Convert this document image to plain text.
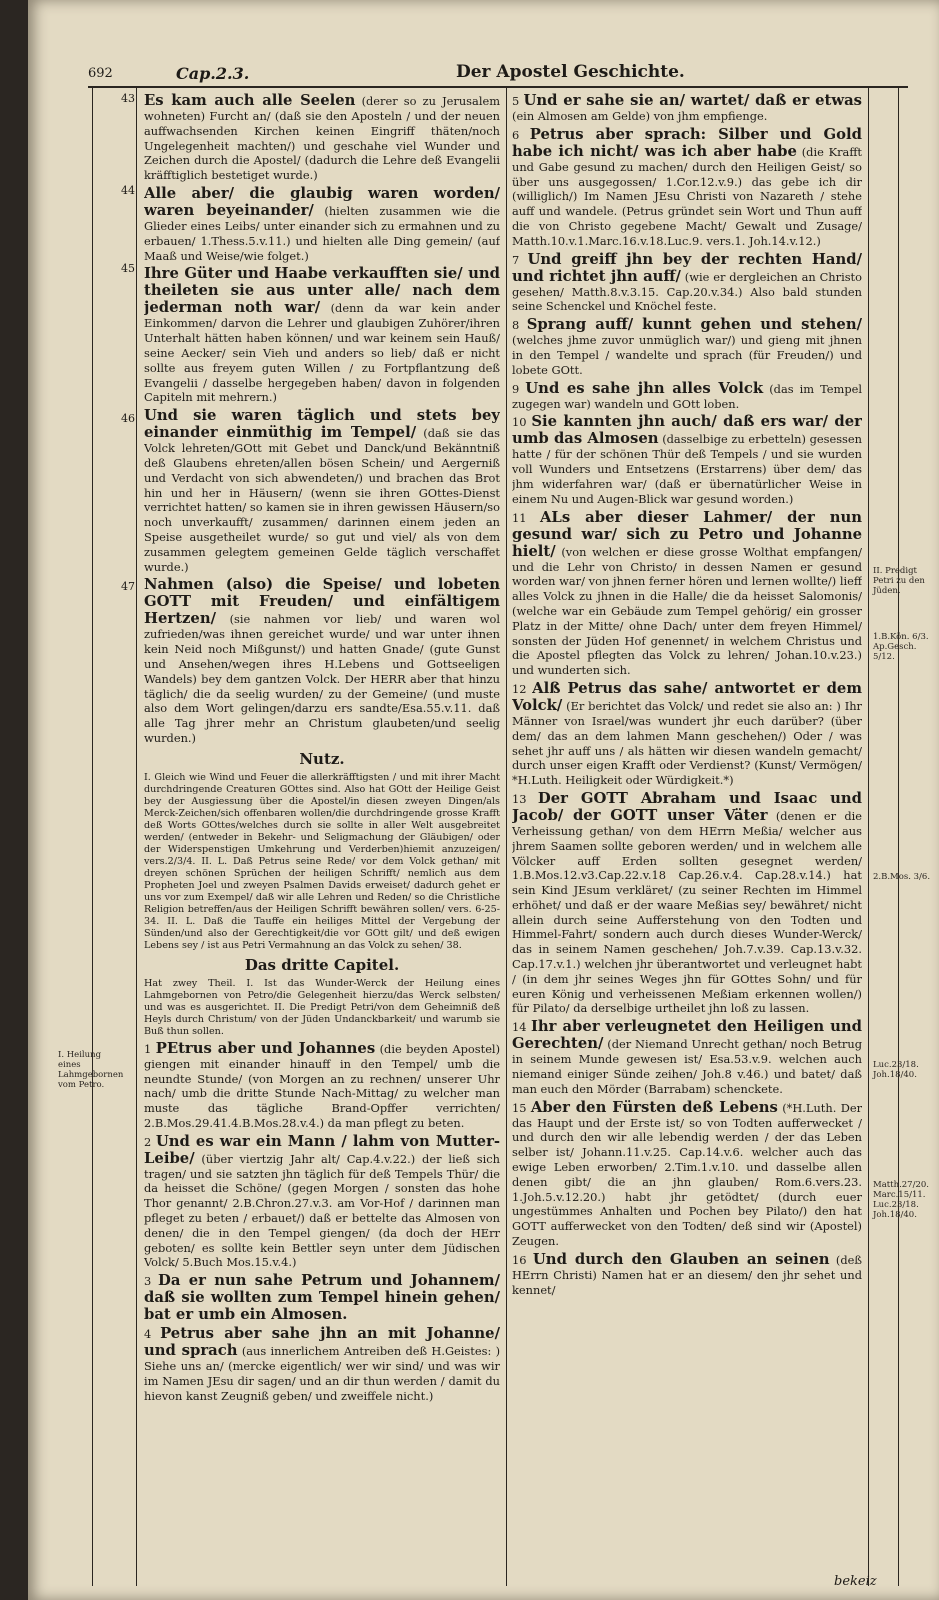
692	Cap.2.3.	Der Apostel Geschichte.
43
44
45
46
47
I. Heilung eines Lahmgebornen vom Petro.

Es kam auch alle Seelen (derer so zu Jerusalem wohneten) Furcht an/ (daß sie den Aposteln / und der neuen auffwachsenden Kirchen keinen Eingriff thäten/noch Ungelegenheit machten/) und geschahe viel Wunder und Zeichen durch die Apostel/ (dadurch die Lehre deß Evangelii kräfftiglich bestetiget wurde.)

Alle aber/ die glaubig waren worden/ waren beyeinander/ (hielten zusammen wie die Glieder eines Leibs/ unter einander sich zu ermahnen und zu erbauen/ 1.Thess.5.v.11.) und hielten alle Ding gemein/ (auf Maaß und Weise/wie folget.)

Ihre Güter und Haabe verkaufften sie/ und theileten sie aus unter alle/ nach dem jederman noth war/ (denn da war kein ander Einkommen/ darvon die Lehrer und glaubigen Zuhörer/ihren Unterhalt hätten haben können/ und war keinem sein Hauß/ seine Aecker/ sein Vieh und anders so lieb/ daß er nicht sollte aus freyem guten Willen / zu Fortpflantzung deß Evangelii / dasselbe hergegeben haben/ davon in folgenden Capiteln mit mehrern.)

Und sie waren täglich und stets bey einander einmüthig im Tempel/ (daß sie das Volck lehreten/GOtt mit Gebet und Danck/und Bekänntniß deß Glaubens ehreten/allen bösen Schein/ und Aergerniß und Verdacht von sich abwendeten/) und brachen das Brot hin und her in Häusern/ (wenn sie ihren GOttes-Dienst verrichtet hatten/ so kamen sie in ihren gewissen Häusern/so noch unverkaufft/ zusammen/ darinnen einem jeden an Speise ausgetheilet wurde/ so gut und viel/ als von dem zusammen gelegtem gemeinen Gelde täglich verschaffet wurde.)

Nahmen (also) die Speise/ und lobeten GOTT mit Freuden/ und einfältigem Hertzen/ (sie nahmen vor lieb/ und waren wol zufrieden/was ihnen gereichet wurde/ und war unter ihnen kein Neid noch Mißgunst/) und hatten Gnade/ (gute Gunst und Ansehen/wegen ihres H.Lebens und Gottseeligen Wandels) bey dem gantzen Volck. Der HERR aber that hinzu täglich/ die da seelig wurden/ zu der Gemeine/ (und muste also dem Wort gelingen/darzu ers sandte/Esa.55.v.11. daß alle Tag jhrer mehr an Christum glaubeten/und seelig wurden.)

Nutz.

I. Gleich wie Wind und Feuer die allerkräfftigsten / und mit ihrer Macht durchdringende Creaturen GOttes sind. Also hat GOtt der Heilige Geist bey der Ausgiessung über die Apostel/in diesen zweyen Dingen/als Merck-Zeichen/sich offenbaren wollen/die durchdringende grosse Krafft deß Worts GOttes/welches durch sie sollte in aller Welt ausgebreitet werden/ (entweder in Bekehr- und Seligmachung der Gläubigen/ oder der Widerspenstigen Umkehrung und Verderben)hiemit anzuzeigen/ vers.2/3/4. II. L. Daß Petrus seine Rede/ vor dem Volck gethan/ mit dreyen schönen Sprüchen der heiligen Schrifft/ nemlich aus dem Propheten Joel und zweyen Psalmen Davids erweiset/ dadurch gehet er uns vor zum Exempel/ daß wir alle Lehren und Reden/ so die Christliche Religion betreffen/aus der Heiligen Schrifft bewähren sollen/ vers. 6-25-34. II. L. Daß die Tauffe ein heiliges Mittel der Vergebung der Sünden/und also der Gerechtigkeit/die vor GOtt gilt/ und deß ewigen Lebens sey / ist aus Petri Vermahnung an das Volck zu sehen/ 38.

Das dritte Capitel.

Hat zwey Theil. I. Ist das Wunder-Werck der Heilung eines Lahmgebornen von Petro/die Gelegenheit hierzu/das Werck selbsten/ und was es ausgerichtet. II. Die Predigt Petri/von dem Geheimniß deß Heyls durch Christum/ von der Jüden Undanckbarkeit/ und warumb sie Buß thun sollen.

1 PEtrus aber und Johannes (die beyden Apostel) giengen mit einander hinauff in den Tempel/ umb die neundte Stunde/ (von Morgen an zu rechnen/ unserer Uhr nach/ umb die dritte Stunde Nach-Mittag/ zu welcher man muste das tägliche Brand-Opffer verrichten/ 2.B.Mos.29.41.4.B.Mos.28.v.4.) da man pflegt zu beten.

2 Und es war ein Mann / lahm von Mutter-Leibe/ (über viertzig Jahr alt/ Cap.4.v.22.) der ließ sich tragen/ und sie satzten jhn täglich für deß Tempels Thür/ die da heisset die Schöne/ (gegen Morgen / sonsten das hohe Thor genannt/ 2.B.Chron.27.v.3. am Vor-Hof / darinnen man pfleget zu beten / erbauet/) daß er bettelte das Almosen von denen/ die in den Tempel giengen/ (da doch der HErr geboten/ es sollte kein Bettler seyn unter dem Jüdischen Volck/ 5.Buch Mos.15.v.4.)

3 Da er nun sahe Petrum und Johannem/ daß sie wollten zum Tempel hinein gehen/ bat er umb ein Almosen.

4 Petrus aber sahe jhn an mit Johanne/ und sprach (aus innerlichem Antreiben deß H.Geistes: ) Siehe uns an/ (mercke eigentlich/ wer wir sind/ und was wir im Namen JEsu dir sagen/ und an dir thun werden / damit du hievon kanst Zeugniß geben/ und zweiffele nicht.)

5 Und er sahe sie an/ wartet/ daß er etwas (ein Almosen am Gelde) von jhm empfienge.

6 Petrus aber sprach: Silber und Gold habe ich nicht/ was ich aber habe (die Krafft und Gabe gesund zu machen/ durch den Heiligen Geist/ so über uns ausgegossen/ 1.Cor.12.v.9.) das gebe ich dir (williglich/) Im Namen JEsu Christi von Nazareth / stehe auff und wandele. (Petrus gründet sein Wort und Thun auff die von Christo gegebene Macht/ Gewalt und Zusage/ Matth.10.v.1.Marc.16.v.18.Luc.9. vers.1. Joh.14.v.12.)

7 Und greiff jhn bey der rechten Hand/ und richtet jhn auff/ (wie er dergleichen an Christo gesehen/ Matth.8.v.3.15. Cap.20.v.34.) Also bald stunden seine Schenckel und Knöchel feste.

8 Sprang auff/ kunnt gehen und stehen/ (welches jhme zuvor unmüglich war/) und gieng mit jhnen in den Tempel / wandelte und sprach (für Freuden/) und lobete GOtt.

9 Und es sahe jhn alles Volck (das im Tempel zugegen war) wandeln und GOtt loben.

10 Sie kannten jhn auch/ daß ers war/ der umb das Almosen (dasselbige zu erbetteln) gesessen hatte / für der schönen Thür deß Tempels / und sie wurden voll Wunders und Entsetzens (Erstarrens) über dem/ das jhm widerfahren war/ (daß er übernatürlicher Weise in einem Nu und Augen-Blick war gesund worden.)

11 ALs aber dieser Lahmer/ der nun gesund war/ sich zu Petro und Johanne hielt/ (von welchen er diese grosse Wolthat empfangen/ und die Lehr von Christo/ in dessen Namen er gesund worden war/ von jhnen ferner hören und lernen wollte/) lieff alles Volck zu jhnen in die Halle/ die da heisset Salomonis/ (welche war ein Gebäude zum Tempel gehörig/ ein grosser Platz in der Mitte/ ohne Dach/ unter dem freyen Himmel/ sonsten der Jüden Hof genennet/ in welchem Christus und die Apostel pflegten das Volck zu lehren/ Johan.10.v.23.) und wunderten sich.

12 Alß Petrus das sahe/ antwortet er dem Volck/ (Er berichtet das Volck/ und redet sie also an: ) Ihr Männer von Israel/was wundert jhr euch darüber? (über dem/ das an dem lahmen Mann geschehen/) Oder / was sehet jhr auff uns / als hätten wir diesen wandeln gemacht/ durch unser eigen Krafft oder Verdienst? (Kunst/ Vermögen/ *H.Luth. Heiligkeit oder Würdigkeit.*)

13 Der GOTT Abraham und Isaac und Jacob/ der GOTT unser Väter (denen er die Verheissung gethan/ von dem HErrn Meßia/ welcher aus jhrem Saamen sollte geboren werden/ und in welchem alle Völcker auff Erden sollten gesegnet werden/ 1.B.Mos.12.v3.Cap.22.v.18 Cap.26.v.4. Cap.28.v.14.) hat sein Kind JEsum verkläret/ (zu seiner Rechten im Himmel erhöhet/ und daß er der waare Meßias sey/ bewähret/ nicht allein durch seine Aufferstehung von den Todten und Himmel-Fahrt/ sondern auch durch dieses Wunder-Werck/ das in seinem Namen geschehen/ Joh.7.v.39. Cap.13.v.32. Cap.17.v.1.) welchen jhr überantwortet und verleugnet habt / (in dem jhr seines Weges jhn für GOttes Sohn/ und für euren König und verheissenen Meßiam erkennen wollen/) für Pilato/ da derselbige urtheilet jhn loß zu lassen.

14 Ihr aber verleugnetet den Heiligen und Gerechten/ (der Niemand Unrecht gethan/ noch Betrug in seinem Munde gewesen ist/ Esa.53.v.9. welchen auch niemand einiger Sünde zeihen/ Joh.8 v.46.) und batet/ daß man euch den Mörder (Barrabam) schenckete.

15 Aber den Fürsten deß Lebens (*H.Luth. Der das Haupt und der Erste ist/ so von Todten aufferwecket / und durch den wir alle lebendig werden / der das Leben selber ist/ Johann.11.v.25. Cap.14.v.6. welcher auch das ewige Leben erworben/ 2.Tim.1.v.10. und dasselbe allen denen gibt/ die an jhn glauben/ Rom.6.vers.23. 1.Joh.5.v.12.20.) habt jhr getödtet/ (durch euer ungestümmes Anhalten und Pochen bey Pilato/) den hat GOTT aufferwecket von den Todten/ deß sind wir (Apostel) Zeugen.

16 Und durch den Glauben an seinen (deß HErrn Christi) Namen hat er an diesem/ den jhr sehet und kennet/

II. Predigt Petri zu den Jüden.
1.B.Kön. 6/3. Ap.Gesch. 5/12.
2.B.Mos. 3/6.
Luc.23/18. Joh.18/40.
Matth.27/20. Marc.15/11. Luc.23/18. Joh.18/40.
bekeiz
